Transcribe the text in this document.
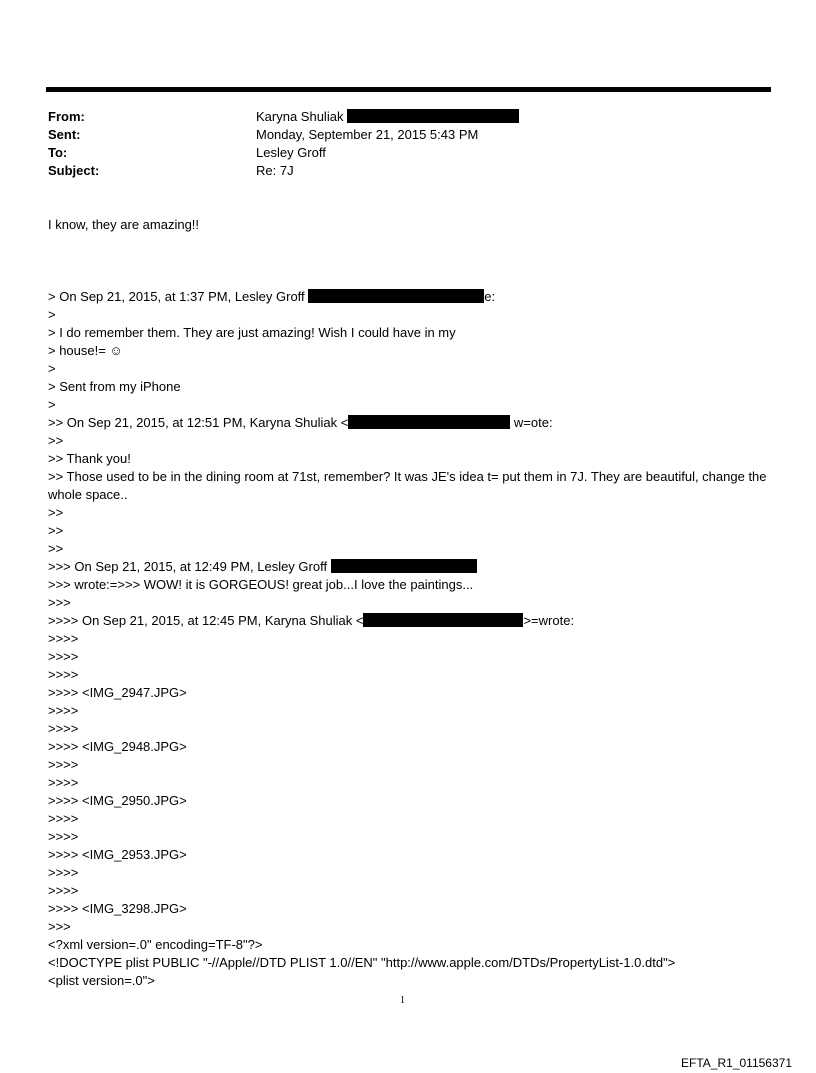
From:	Karyna Shuliak
Sent:	Monday, September 21, 2015 5:43 PM
To:	Lesley Groff
Subject:	Re: 7J
I know, they are amazing!!
> On Sep 21, 2015, at 1:37 PM, Lesley Groff	e:
>
> I do remember them. They are just amazing! Wish I could have in my
> house!= ☺
>
> Sent from my iPhone
>
>> On Sep 21, 2015, at 12:51 PM, Karyna Shuliak <	w=ote:
>>
>> Thank you!
>> Those used to be in the dining room at 71st, remember? It was JE's idea t= put them in 7J. They are beautiful, change the whole space..
>>
>>
>>
>>> On Sep 21, 2015, at 12:49 PM, Lesley Groff
>>> wrote:=>>> WOW! it is GORGEOUS! great job...I love the paintings...
>>>
>>>> On Sep 21, 2015, at 12:45 PM, Karyna Shuliak <	>=wrote:
>>>>
>>>>
>>>>
>>>> <IMG_2947.JPG>
>>>>
>>>>
>>>> <IMG_2948.JPG>
>>>>
>>>>
>>>> <IMG_2950.JPG>
>>>>
>>>>
>>>> <IMG_2953.JPG>
>>>>
>>>>
>>>> <IMG_3298.JPG>
>>>
<?xml version=.0" encoding=TF-8"?>
<!DOCTYPE plist PUBLIC "-//Apple//DTD PLIST 1.0//EN" "http://www.apple.com/DTDs/PropertyList-1.0.dtd">
<plist version=.0">
1
EFTA_R1_01156371
